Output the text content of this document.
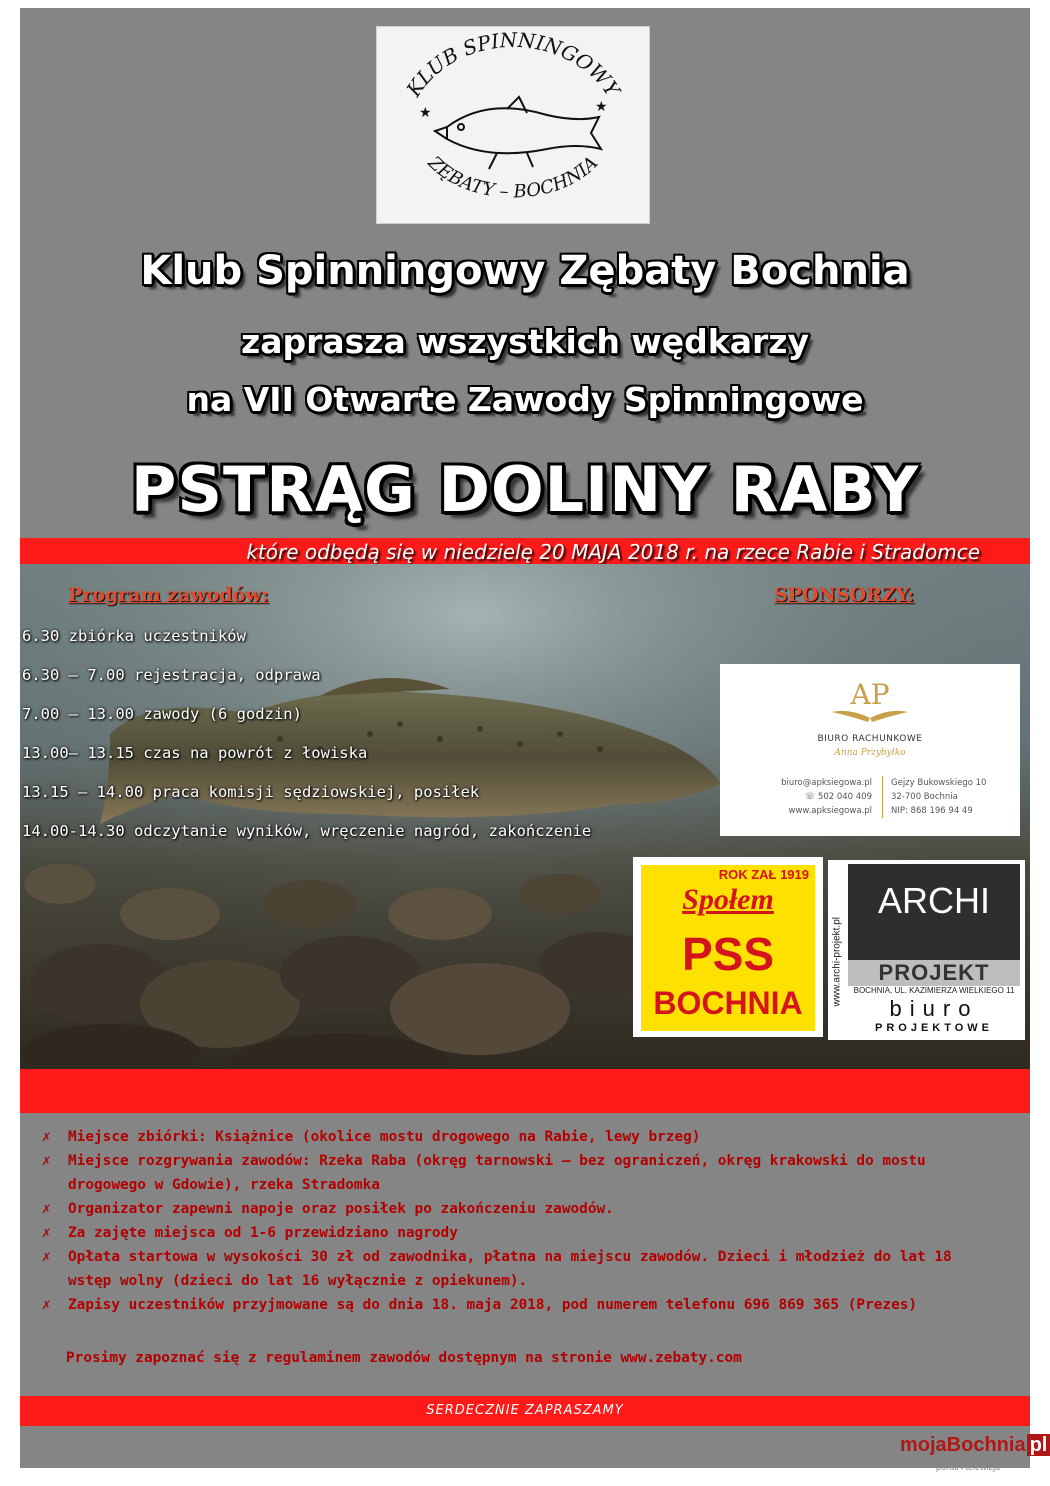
KLUB SPINNINGOWY
ZĘBATY – BOCHNIA
★	★
Klub Spinningowy Zębaty Bochnia
zaprasza wszystkich wędkarzy
na VII Otwarte Zawody Spinningowe
PSTRĄG DOLINY RABY
które odbędą się w niedzielę 20 MAJA 2018 r. na rzece Rabie i Stradomce
Program zawodów:	SPONSORZY:
6.30 zbiórka uczestników
6.30 – 7.00 rejestracja, odprawa
7.00 – 13.00 zawody (6 godzin)
13.00– 13.15 czas na powrót z łowiska
13.15 – 14.00 praca komisji sędziowskiej, posiłek
14.00-14.30 odczytanie wyników, wręczenie nagród, zakończenie
AP
BIURO RACHUNKOWE
Anna Przybyłko
biuro@apksiegowa.pl
☏ 502 040 409
www.apksiegowa.pl
Gejzy Bukowskiego 10
32-700 Bochnia
NIP: 868 196 94 49
ROK ZAŁ 1919
Społem
PSS
BOCHNIA	www.archi-projekt.pl
ARCHI
PROJEKT
BOCHNIA, UL. KAZIMIERZA WIELKIEGO 11
biuro
PROJEKTOWE
✗ Miejsce zbiórki: Książnice (okolice mostu drogowego na Rabie, lewy brzeg)
✗ Miejsce rozgrywania zawodów: Rzeka Raba (okręg tarnowski – bez ograniczeń, okręg krakowski do mostu drogowego w Gdowie), rzeka Stradomka
✗ Organizator zapewni napoje oraz posiłek po zakończeniu zawodów.
✗ Za zajęte miejsca od 1-6 przewidziano nagrody
✗ Opłata startowa w wysokości 30 zł od zawodnika, płatna na miejscu zawodów. Dzieci i młodzież do lat 18 wstęp wolny (dzieci do lat 16 wyłącznie z opiekunem).
✗ Zapisy uczestników przyjmowane są do dnia 18. maja 2018, pod numerem telefonu 696 869 365 (Prezes)
Prosimy zapoznać się z regulaminem zawodów dostępnym na stronie www.zebaty.com
SERDECZNIE ZAPRASZAMY
mojaBochnia pl
portal i telewizja
